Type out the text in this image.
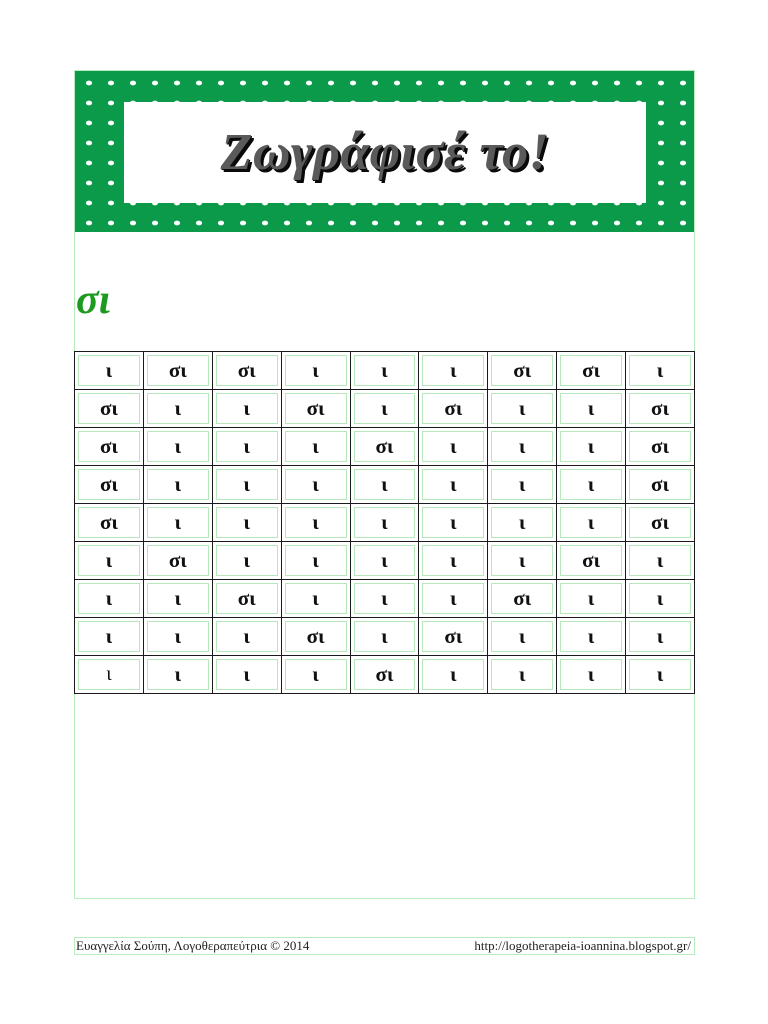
Ζωγράφισέ το!
σι
ι	σι	σι	ι	ι	ι	σι	σι	ι

σι	ι	ι	σι	ι	σι	ι	ι	σι

σι	ι	ι	ι	σι	ι	ι	ι	σι

σι	ι	ι	ι	ι	ι	ι	ι	σι

σι	ι	ι	ι	ι	ι	ι	ι	σι

ι	σι	ι	ι	ι	ι	ι	σι	ι

ι	ι	σι	ι	ι	ι	σι	ι	ι

ι	ι	ι	σι	ι	σι	ι	ι	ι

ι	ι	ι	ι	σι	ι	ι	ι	ι
Ευαγγελία Σούπη, Λογοθεραπεύτρια © 2014	http://logotherapeia-ioannina.blogspot.gr/
